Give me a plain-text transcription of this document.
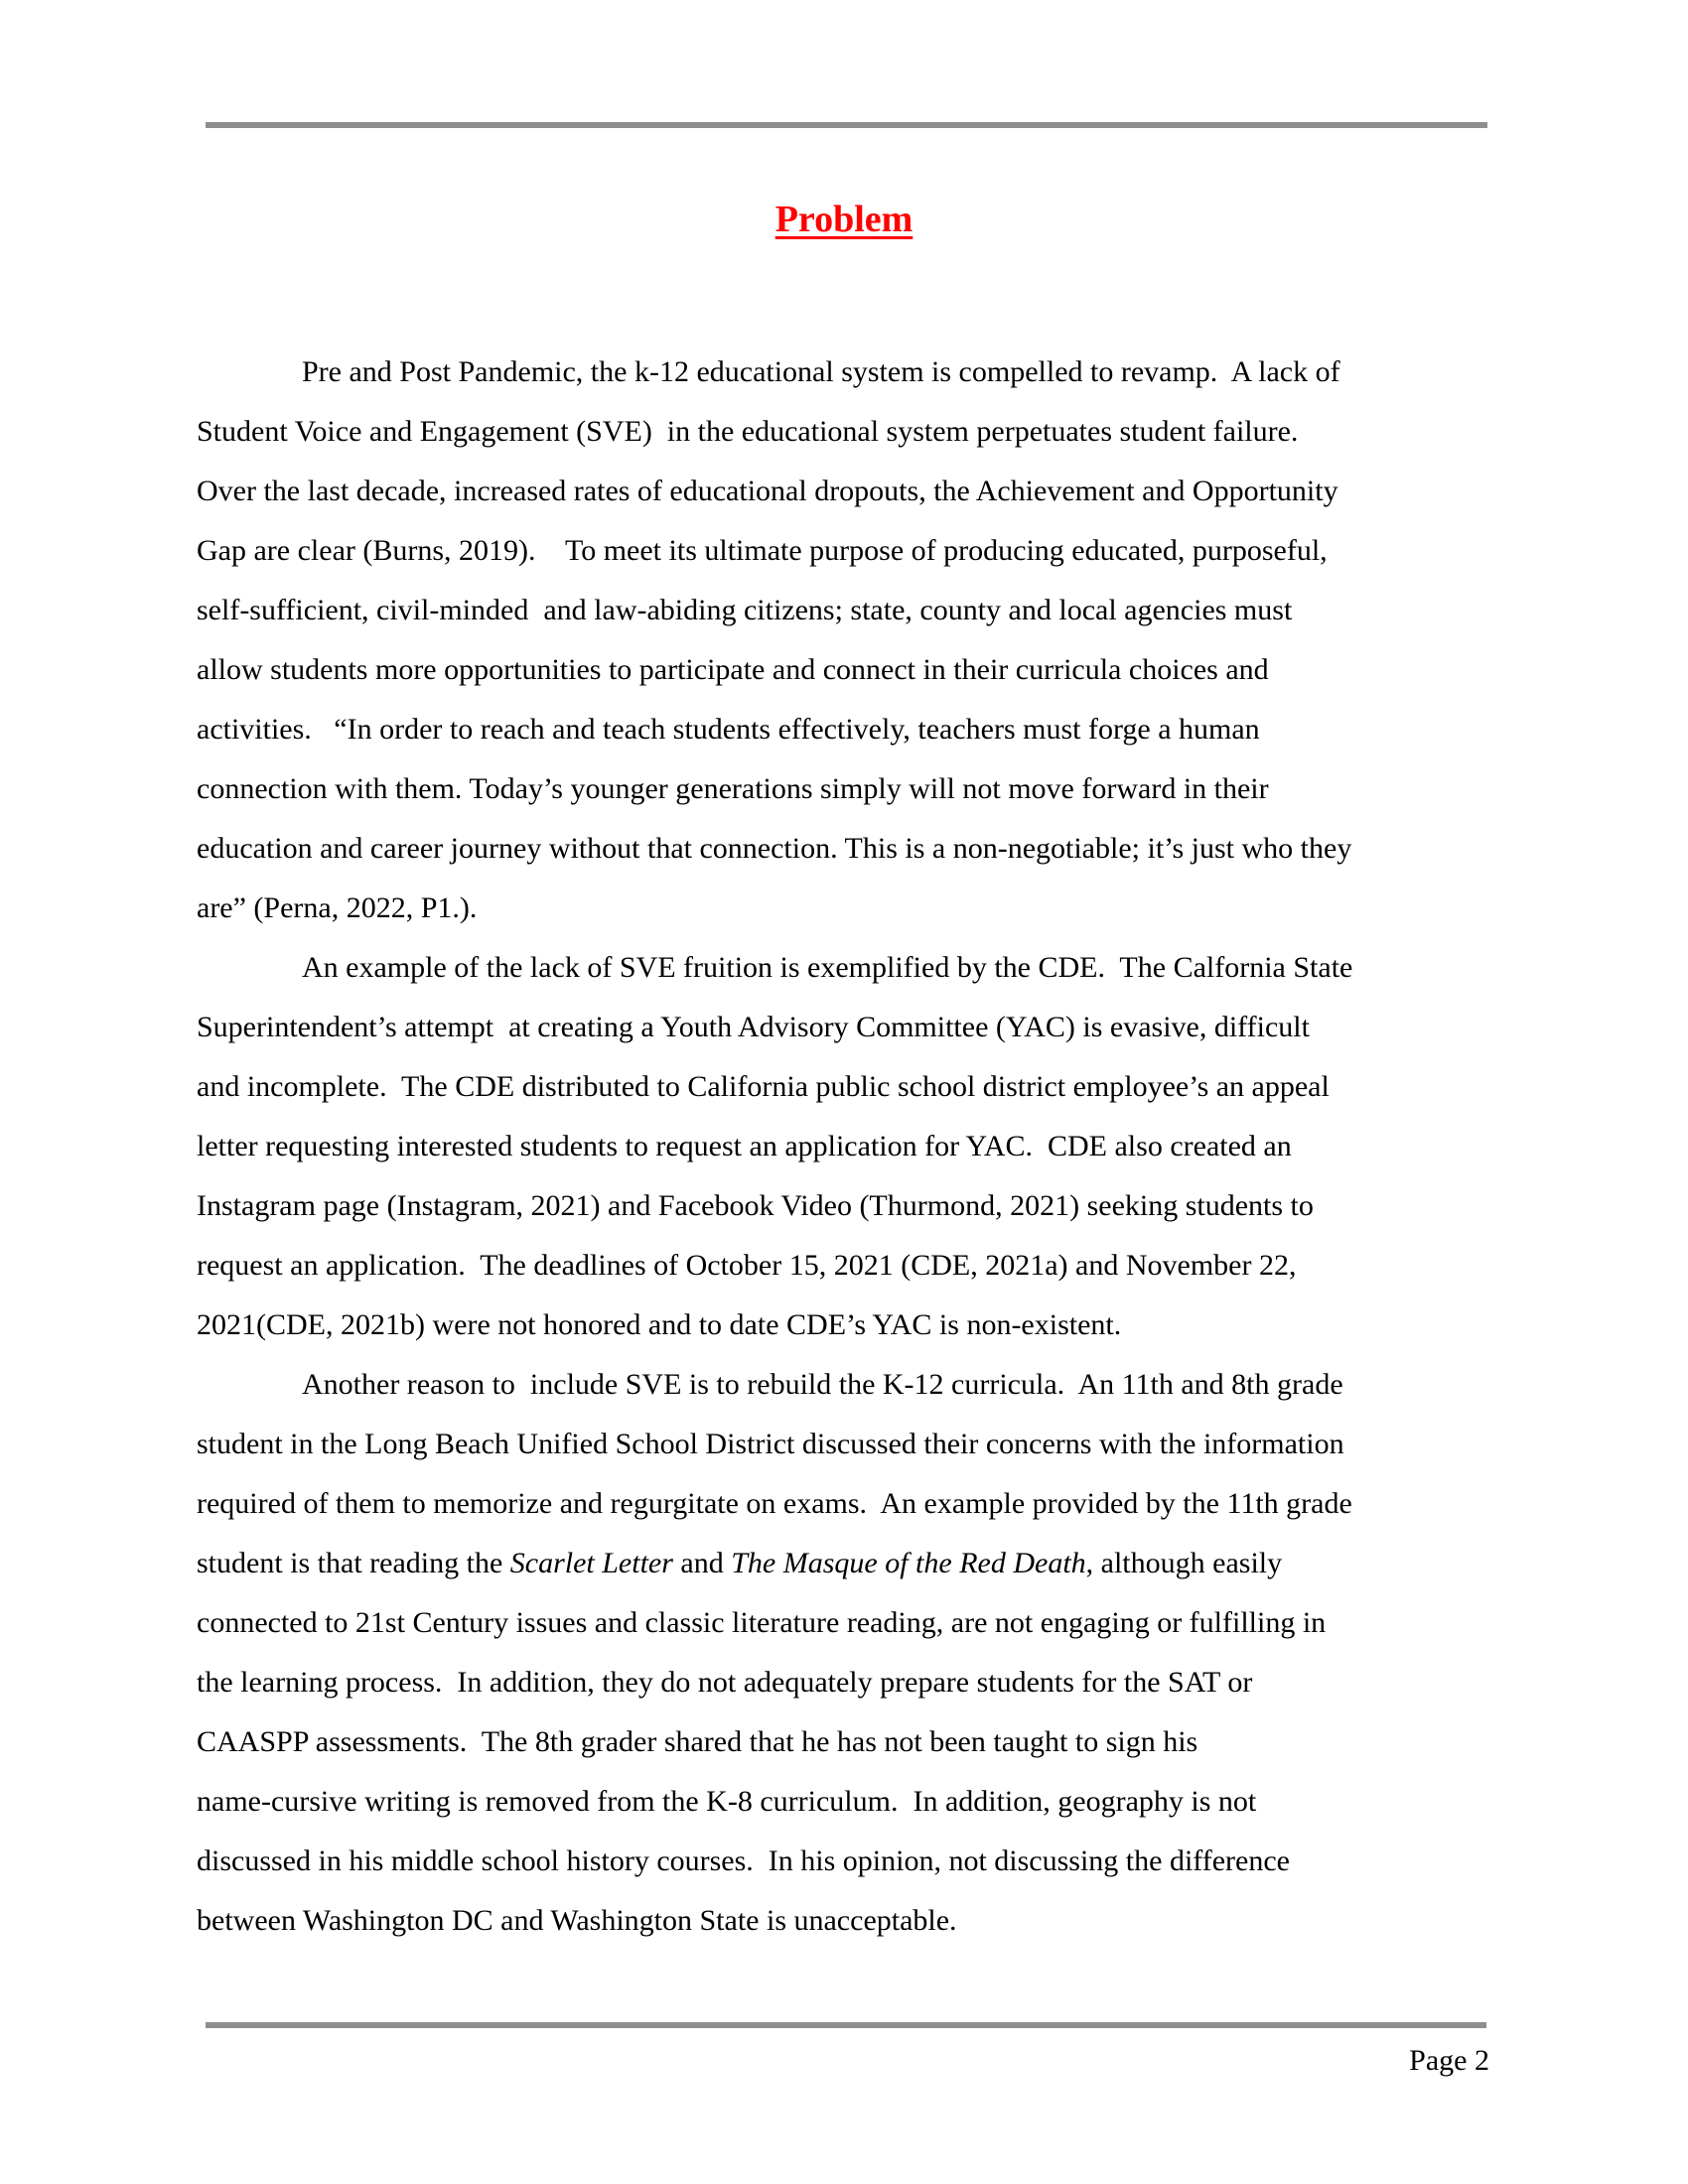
Problem
Pre and Post Pandemic, the k-12 educational system is compelled to revamp.  A lack of
Student Voice and Engagement (SVE)  in the educational system perpetuates student failure.
Over the last decade, increased rates of educational dropouts, the Achievement and Opportunity
Gap are clear (Burns, 2019).    To meet its ultimate purpose of producing educated, purposeful,
self-sufficient, civil-minded  and law-abiding citizens; state, county and local agencies must
allow students more opportunities to participate and connect in their curricula choices and
activities.   “In order to reach and teach students effectively, teachers must forge a human
connection with them. Today’s younger generations simply will not move forward in their
education and career journey without that connection. This is a non-negotiable; it’s just who they
are” (Perna, 2022, P1.).
An example of the lack of SVE fruition is exemplified by the CDE.  The Calfornia State
Superintendent’s attempt  at creating a Youth Advisory Committee (YAC) is evasive, difficult
and incomplete.  The CDE distributed to California public school district employee’s an appeal
letter requesting interested students to request an application for YAC.  CDE also created an
Instagram page (Instagram, 2021) and Facebook Video (Thurmond, 2021) seeking students to
request an application.  The deadlines of October 15, 2021 (CDE, 2021a) and November 22,
2021(CDE, 2021b) were not honored and to date CDE’s YAC is non-existent.
Another reason to  include SVE is to rebuild the K-12 curricula.  An 11th and 8th grade
student in the Long Beach Unified School District discussed their concerns with the information
required of them to memorize and regurgitate on exams.  An example provided by the 11th grade
student is that reading the Scarlet Letter and The Masque of the Red Death, although easily
connected to 21st Century issues and classic literature reading, are not engaging or fulfilling in
the learning process.  In addition, they do not adequately prepare students for the SAT or
CAASPP assessments.  The 8th grader shared that he has not been taught to sign his
name-cursive writing is removed from the K-8 curriculum.  In addition, geography is not
discussed in his middle school history courses.  In his opinion, not discussing the difference
between Washington DC and Washington State is unacceptable.
Page 2
